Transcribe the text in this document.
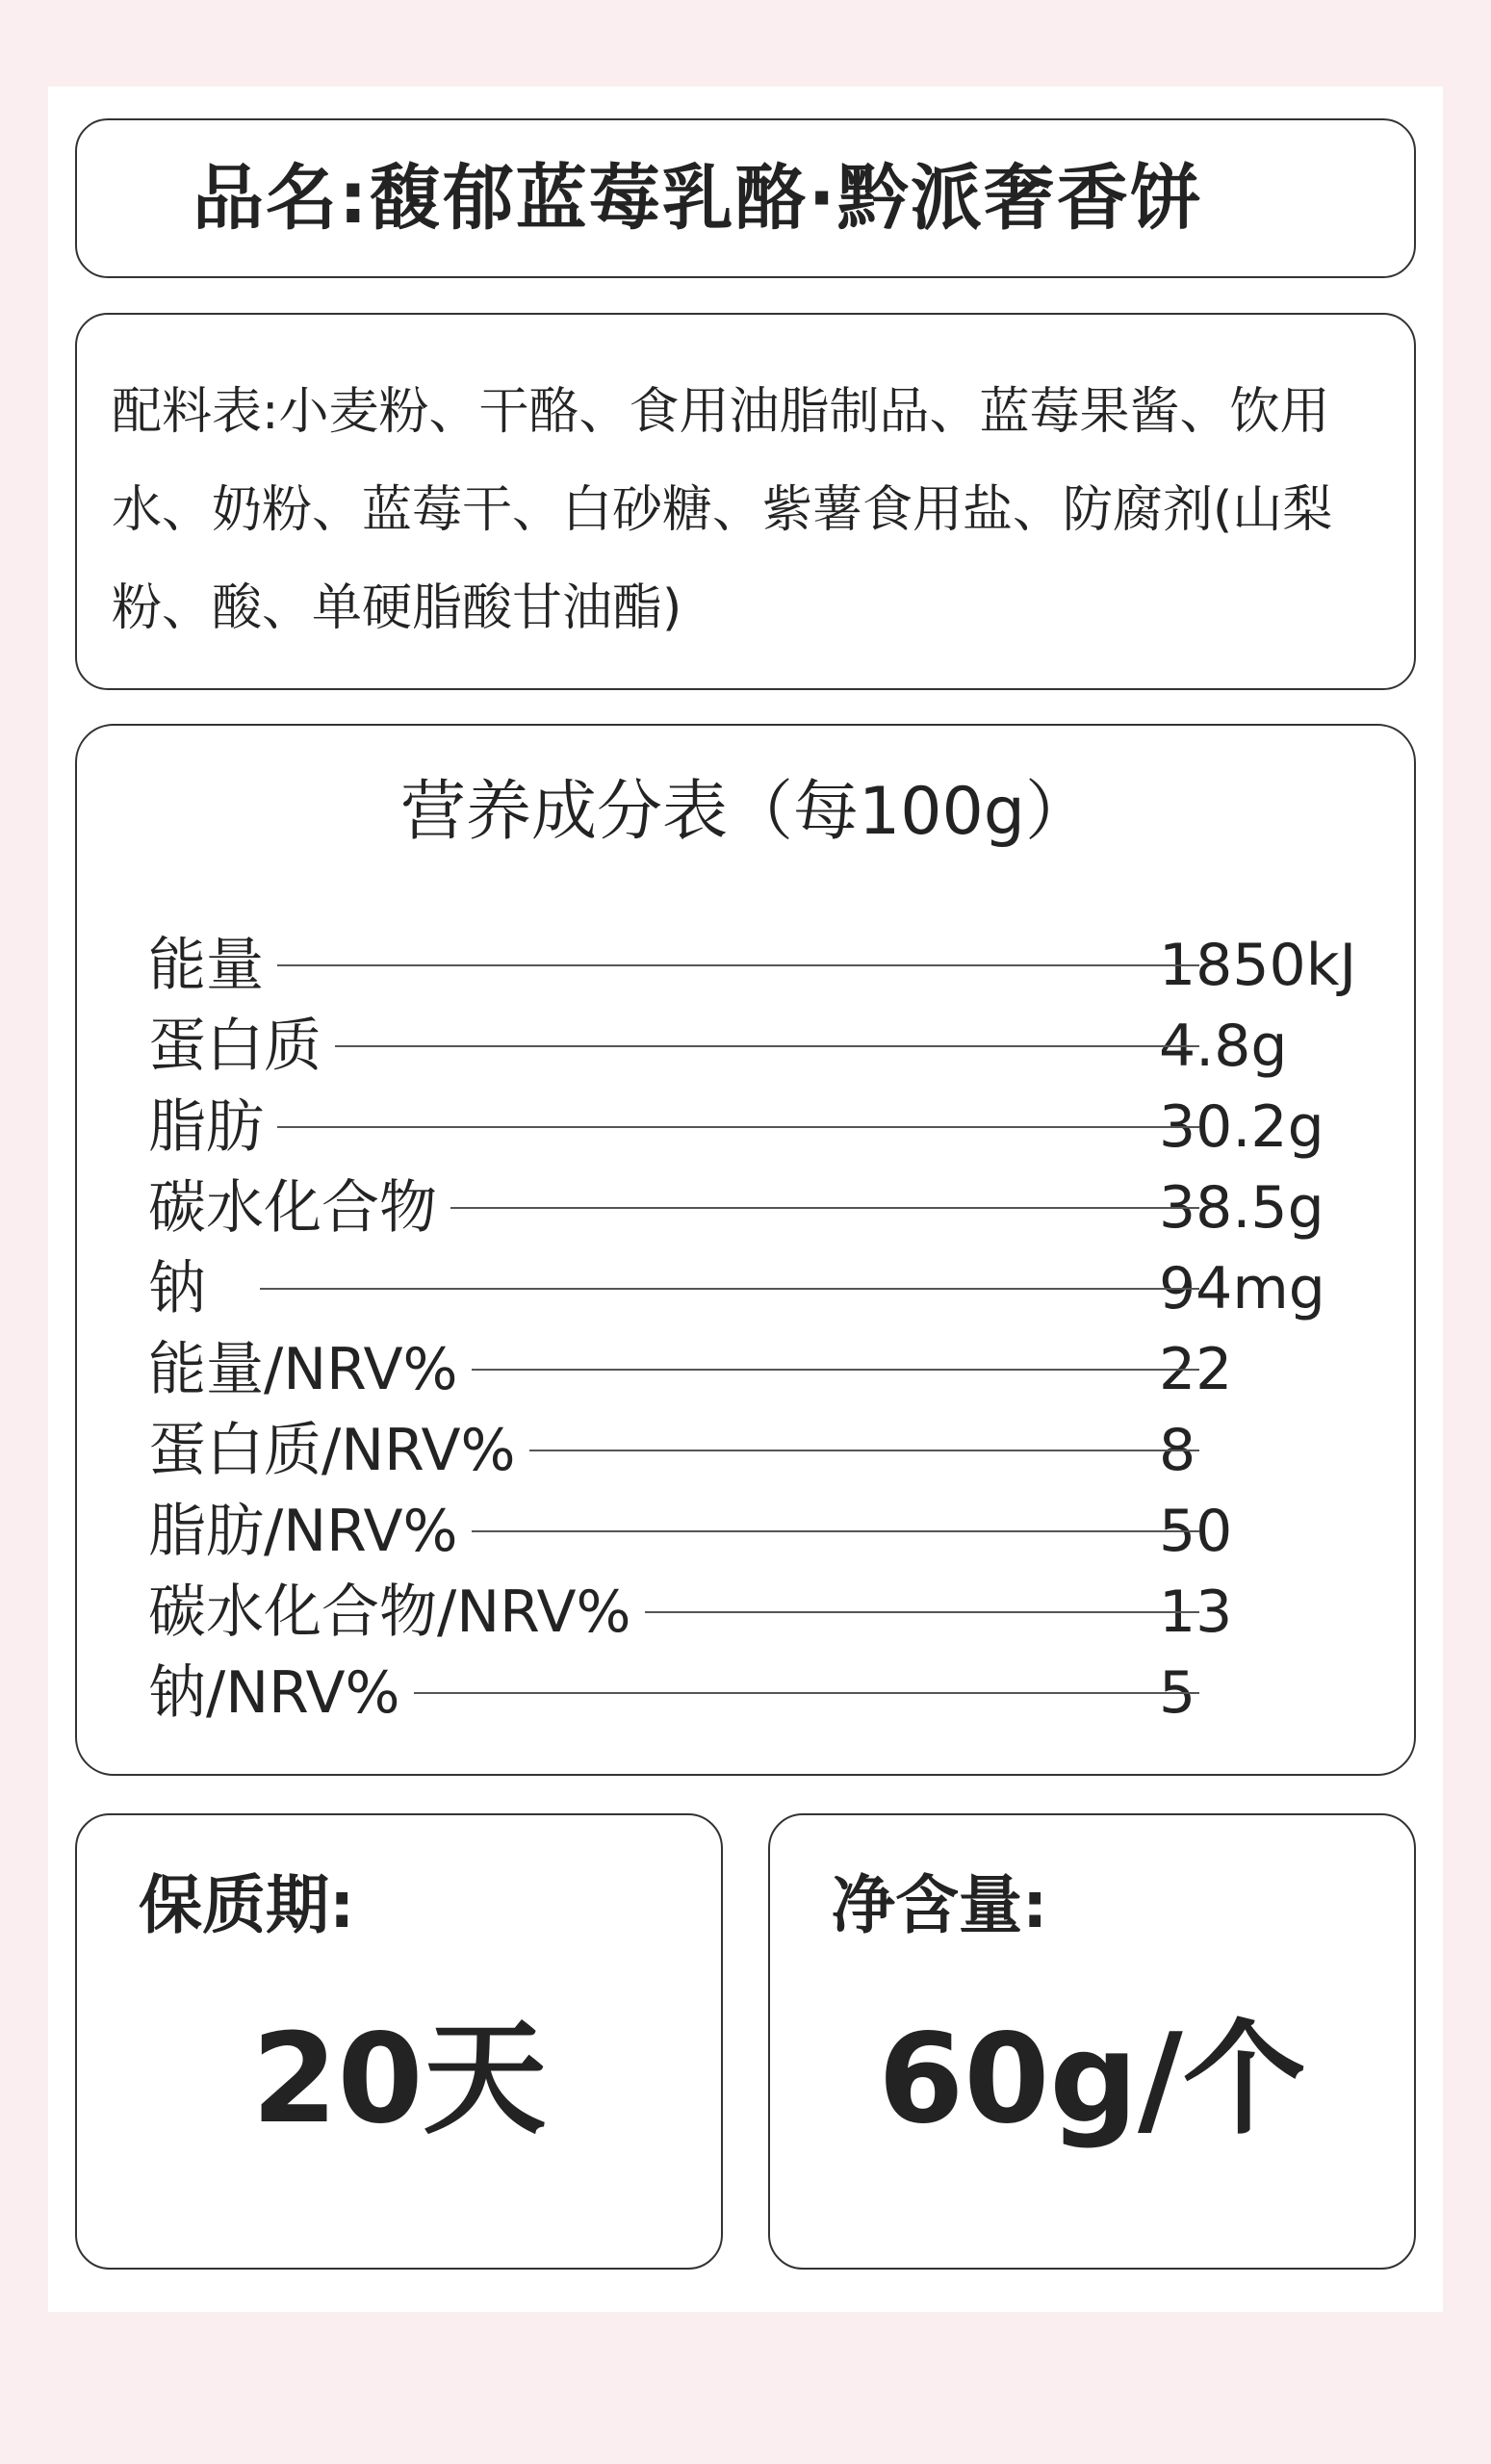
品名:馥郁蓝莓乳酪·黔派奢香饼
配料表:小麦粉、干酪、食用油脂制品、蓝莓果酱、饮用水、奶粉、蓝莓干、白砂糖、紫薯食用盐、防腐剂(山梨粉、酸、单硬脂酸甘油酯)
营养成分表（每100g）
能量	1850kJ
蛋白质	4.8g
脂肪	30.2g
碳水化合物	38.5g
钠	94mg
能量/NRV%	22
蛋白质/NRV%	8
脂肪/NRV%	50
碳水化合物/NRV%	13
钠/NRV%	5
保质期:
20天
净含量:
60g/个
